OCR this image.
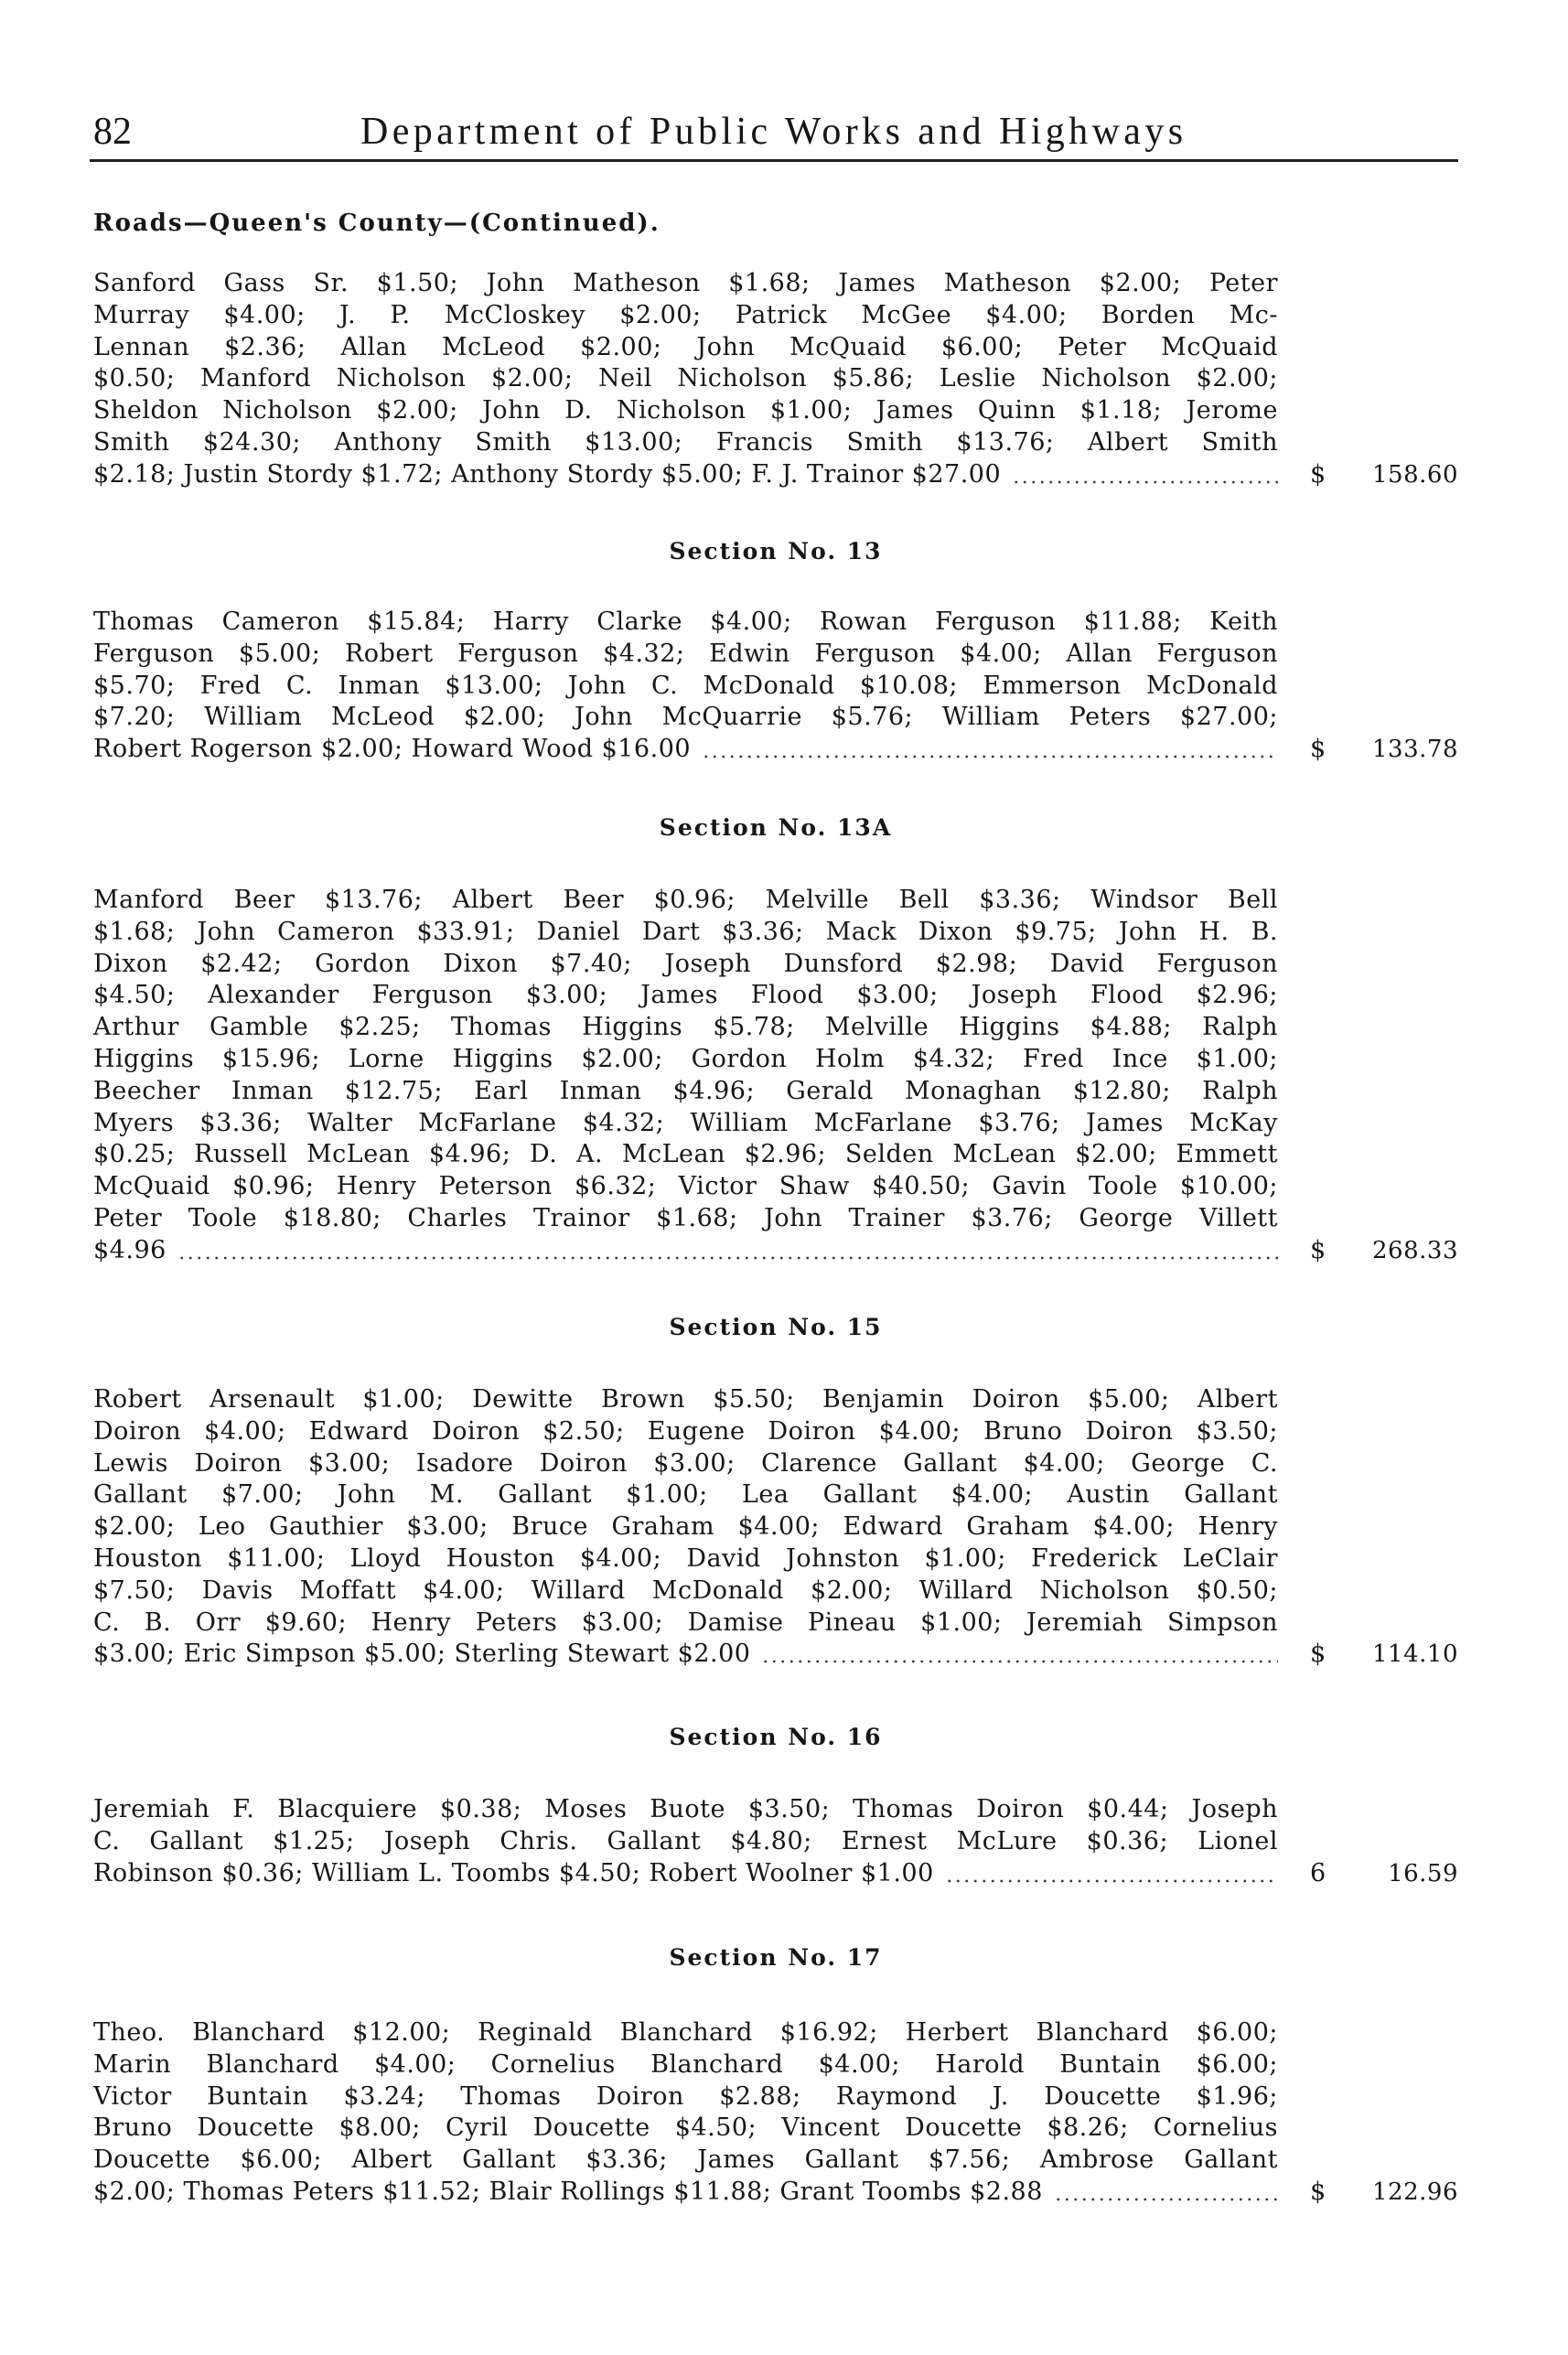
82	Department of Public Works and Highways
Roads—Queen's County—(Continued).
Sanford Gass Sr. $1.50; John Matheson $1.68; James Matheson $2.00; Peter
Murray $4.00; J. P. McCloskey $2.00; Patrick McGee $4.00; Borden Mc-
Lennan $2.36; Allan McLeod $2.00; John McQuaid $6.00; Peter McQuaid
$0.50; Manford Nicholson $2.00; Neil Nicholson $5.86; Leslie Nicholson $2.00;
Sheldon Nicholson $2.00; John D. Nicholson $1.00; James Quinn $1.18; Jerome
Smith $24.30; Anthony Smith $13.00; Francis Smith $13.76; Albert Smith
$2.18; Justin Stordy $1.72; Anthony Stordy $5.00; F. J. Trainor $27.00	$ 158.60
Section No. 13
Thomas Cameron $15.84; Harry Clarke $4.00; Rowan Ferguson $11.88; Keith
Ferguson $5.00; Robert Ferguson $4.32; Edwin Ferguson $4.00; Allan Ferguson
$5.70; Fred C. Inman $13.00; John C. McDonald $10.08; Emmerson McDonald
$7.20; William McLeod $2.00; John McQuarrie $5.76; William Peters $27.00;
Robert Rogerson $2.00; Howard Wood $16.00	$ 133.78
Section No. 13A
Manford Beer $13.76; Albert Beer $0.96; Melville Bell $3.36; Windsor Bell
$1.68; John Cameron $33.91; Daniel Dart $3.36; Mack Dixon $9.75; John H. B.
Dixon $2.42; Gordon Dixon $7.40; Joseph Dunsford $2.98; David Ferguson
$4.50; Alexander Ferguson $3.00; James Flood $3.00; Joseph Flood $2.96;
Arthur Gamble $2.25; Thomas Higgins $5.78; Melville Higgins $4.88; Ralph
Higgins $15.96; Lorne Higgins $2.00; Gordon Holm $4.32; Fred Ince $1.00;
Beecher Inman $12.75; Earl Inman $4.96; Gerald Monaghan $12.80; Ralph
Myers $3.36; Walter McFarlane $4.32; William McFarlane $3.76; James McKay
$0.25; Russell McLean $4.96; D. A. McLean $2.96; Selden McLean $2.00; Emmett
McQuaid $0.96; Henry Peterson $6.32; Victor Shaw $40.50; Gavin Toole $10.00;
Peter Toole $18.80; Charles Trainor $1.68; John Trainer $3.76; George Villett
$4.96	$ 268.33
Section No. 15
Robert Arsenault $1.00; Dewitte Brown $5.50; Benjamin Doiron $5.00; Albert
Doiron $4.00; Edward Doiron $2.50; Eugene Doiron $4.00; Bruno Doiron $3.50;
Lewis Doiron $3.00; Isadore Doiron $3.00; Clarence Gallant $4.00; George C.
Gallant $7.00; John M. Gallant $1.00; Lea Gallant $4.00; Austin Gallant
$2.00; Leo Gauthier $3.00; Bruce Graham $4.00; Edward Graham $4.00; Henry
Houston $11.00; Lloyd Houston $4.00; David Johnston $1.00; Frederick LeClair
$7.50; Davis Moffatt $4.00; Willard McDonald $2.00; Willard Nicholson $0.50;
C. B. Orr $9.60; Henry Peters $3.00; Damise Pineau $1.00; Jeremiah Simpson
$3.00; Eric Simpson $5.00; Sterling Stewart $2.00	$ 114.10
Section No. 16
Jeremiah F. Blacquiere $0.38; Moses Buote $3.50; Thomas Doiron $0.44; Joseph
C. Gallant $1.25; Joseph Chris. Gallant $4.80; Ernest McLure $0.36; Lionel
Robinson $0.36; William L. Toombs $4.50; Robert Woolner $1.00	6	16.59
Section No. 17
Theo. Blanchard $12.00; Reginald Blanchard $16.92; Herbert Blanchard $6.00;
Marin Blanchard $4.00; Cornelius Blanchard $4.00; Harold Buntain $6.00;
Victor Buntain $3.24; Thomas Doiron $2.88; Raymond J. Doucette $1.96;
Bruno Doucette $8.00; Cyril Doucette $4.50; Vincent Doucette $8.26; Cornelius
Doucette $6.00; Albert Gallant $3.36; James Gallant $7.56; Ambrose Gallant
$2.00; Thomas Peters $11.52; Blair Rollings $11.88; Grant Toombs $2.88	$ 122.96
